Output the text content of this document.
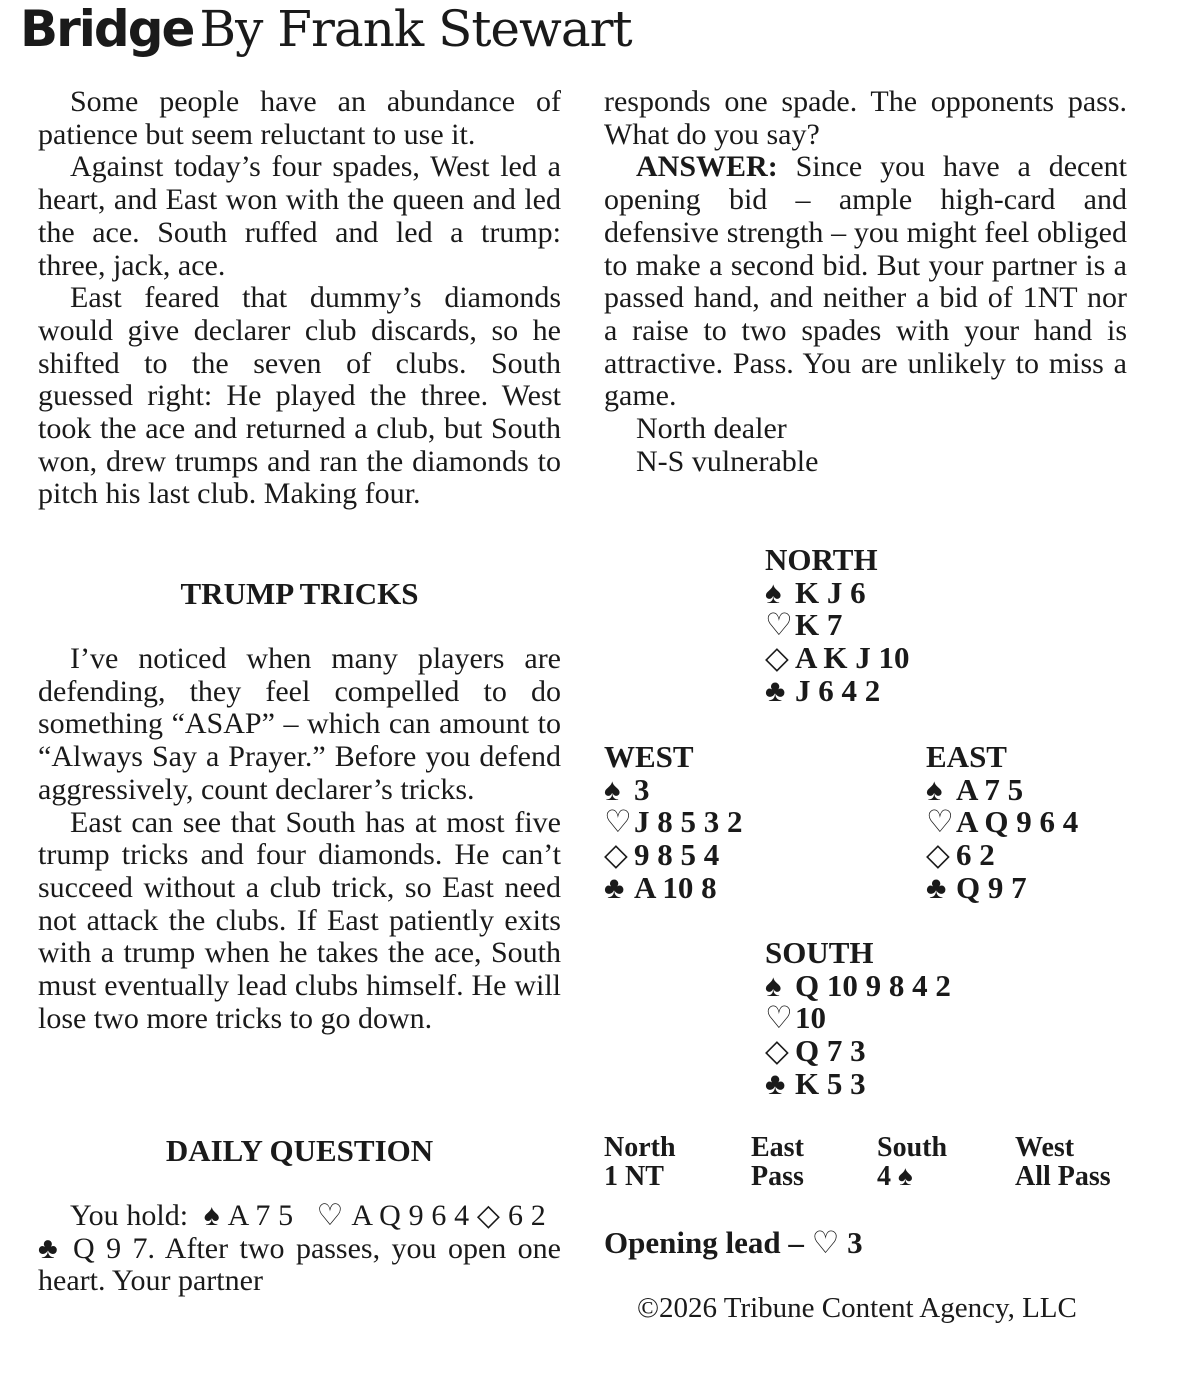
Bridge By Frank Stewart

Some people have an abundance of patience but seem reluctant to use it.

Against today’s four spades, West led a heart, and East won with the queen and led the ace. South ruffed and led a trump: three, jack, ace.

East feared that dummy’s diamonds would give declarer club discards, so he shifted to the seven of clubs. South guessed right: He played the three. West took the ace and returned a club, but South won, drew trumps and ran the diamonds to pitch his last club. Making four.

TRUMP TRICKS

I’ve noticed when many players are defending, they feel compelled to do something “ASAP” – which can amount to “Always Say a Prayer.” Before you defend aggressively, count declarer’s tricks.

East can see that South has at most five trump tricks and four diamonds. He can’t succeed without a club trick, so East need not attack the clubs. If East patiently exits with a trump when he takes the ace, South must eventually lead clubs himself. He will lose two more tricks to go down.

DAILY QUESTION

You hold: ♠ A 7 5 ♡ A Q 9 6 4 ◇ 6 2   ♣ Q 9 7. After two passes, you open one heart. Your partner

responds one spade. The opponents pass. What do you say?

ANSWER: Since you have a decent opening bid – ample high-card and defensive strength – you might feel obliged to make a second bid. But your partner is a passed hand, and neither a bid of 1NT nor a raise to two spades with your hand is attractive. Pass. You are unlikely to miss a game.

North dealer
N-S vulnerable
NORTH
♠ K J 6
♡K 7
◇ A K J 10
♣ J 6 4 2
WEST
♠ 3
♡J 8 5 3 2
◇ 9 8 5 4
♣ A 10 8
EAST
♠ A 7 5
♡A Q 9 6 4
◇ 6 2
♣ Q 9 7
SOUTH
♠ Q 10 9 8 4 2
♡10
◇ Q 7 3
♣ K 5 3
North
1 NT
East
Pass
South
4 ♠
West
All Pass
Opening lead – ♡ 3
©2026 Tribune Content Agency, LLC
